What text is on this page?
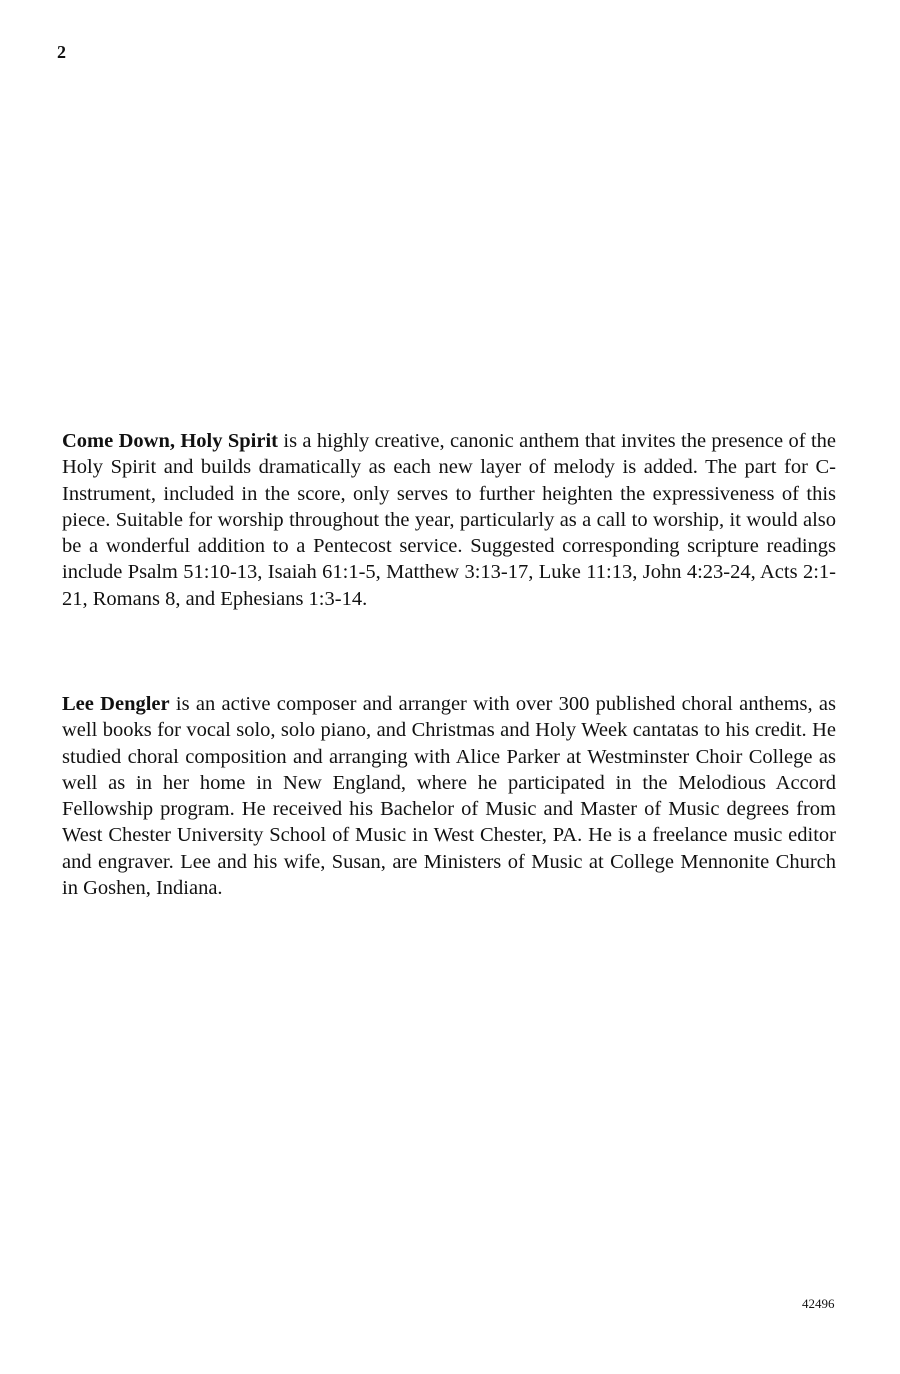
2

Come Down, Holy Spirit is a highly creative, canonic anthem that invites the presence of the Holy Spirit and builds dramatically as each new layer of melody is added. The part for C-Instrument, included in the score, only serves to further heighten the expressiveness of this piece. Suitable for worship throughout the year, particularly as a call to worship, it would also be a wonderful addition to a Pentecost service. Suggested corresponding scripture readings include Psalm 51:10-13, Isaiah 61:1-5, Matthew 3:13-17, Luke 11:13, John 4:23-24, Acts 2:1-21, Romans 8, and Ephesians 1:3-14.

Lee Dengler is an active composer and arranger with over 300 published choral anthems, as well books for vocal solo, solo piano, and Christmas and Holy Week cantatas to his credit. He studied choral composition and arranging with Alice Parker at Westminster Choir College as well as in her home in New England, where he participated in the Melodious Accord Fellowship program. He received his Bachelor of Music and Master of Music degrees from West Chester University School of Music in West Chester, PA. He is a freelance music editor and engraver. Lee and his wife, Susan, are Ministers of Music at College Mennonite Church in Goshen, Indiana.

42496
